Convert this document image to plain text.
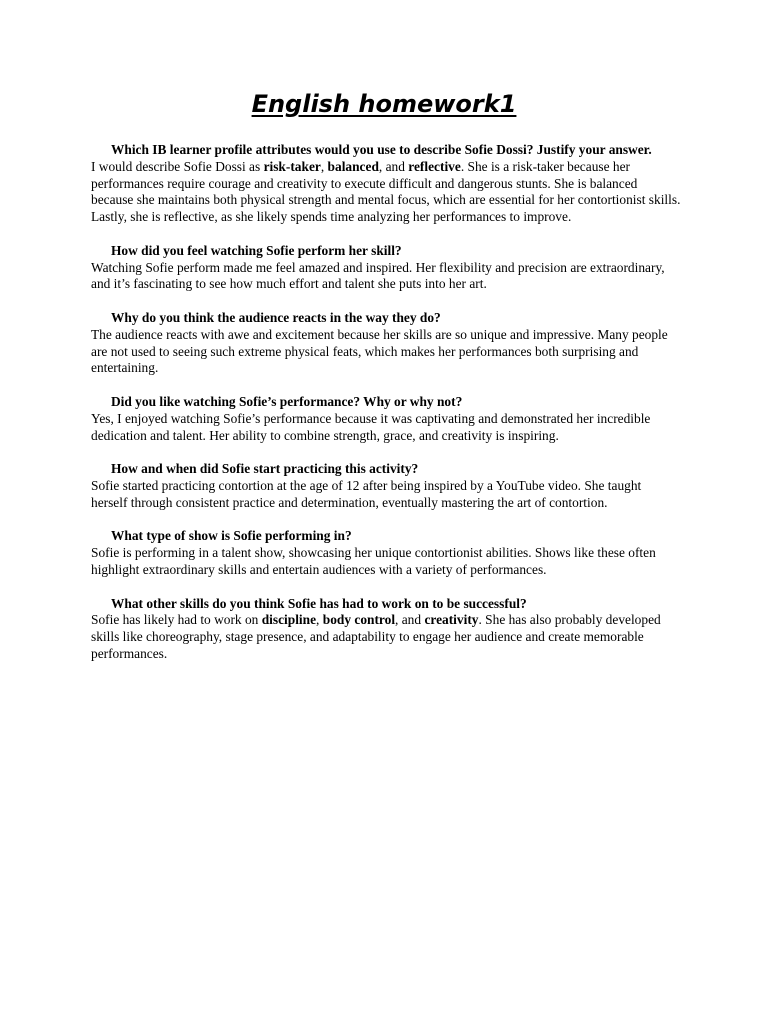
English homework1

Which IB learner profile attributes would you use to describe Sofie Dossi? Justify your answer.

I would describe Sofie Dossi as risk-taker, balanced, and reflective. She is a risk-taker because her performances require courage and creativity to execute difficult and dangerous stunts. She is balanced because she maintains both physical strength and mental focus, which are essential for her contortionist skills. Lastly, she is reflective, as she likely spends time analyzing her performances to improve.

How did you feel watching Sofie perform her skill?

Watching Sofie perform made me feel amazed and inspired. Her flexibility and precision are extraordinary, and it’s fascinating to see how much effort and talent she puts into her art.

Why do you think the audience reacts in the way they do?

The audience reacts with awe and excitement because her skills are so unique and impressive. Many people are not used to seeing such extreme physical feats, which makes her performances both surprising and entertaining.

Did you like watching Sofie’s performance? Why or why not?

Yes, I enjoyed watching Sofie’s performance because it was captivating and demonstrated her incredible dedication and talent. Her ability to combine strength, grace, and creativity is inspiring.

How and when did Sofie start practicing this activity?

Sofie started practicing contortion at the age of 12 after being inspired by a YouTube video. She taught herself through consistent practice and determination, eventually mastering the art of contortion.

What type of show is Sofie performing in?

Sofie is performing in a talent show, showcasing her unique contortionist abilities. Shows like these often highlight extraordinary skills and entertain audiences with a variety of performances.

What other skills do you think Sofie has had to work on to be successful?

Sofie has likely had to work on discipline, body control, and creativity. She has also probably developed skills like choreography, stage presence, and adaptability to engage her audience and create memorable performances.
